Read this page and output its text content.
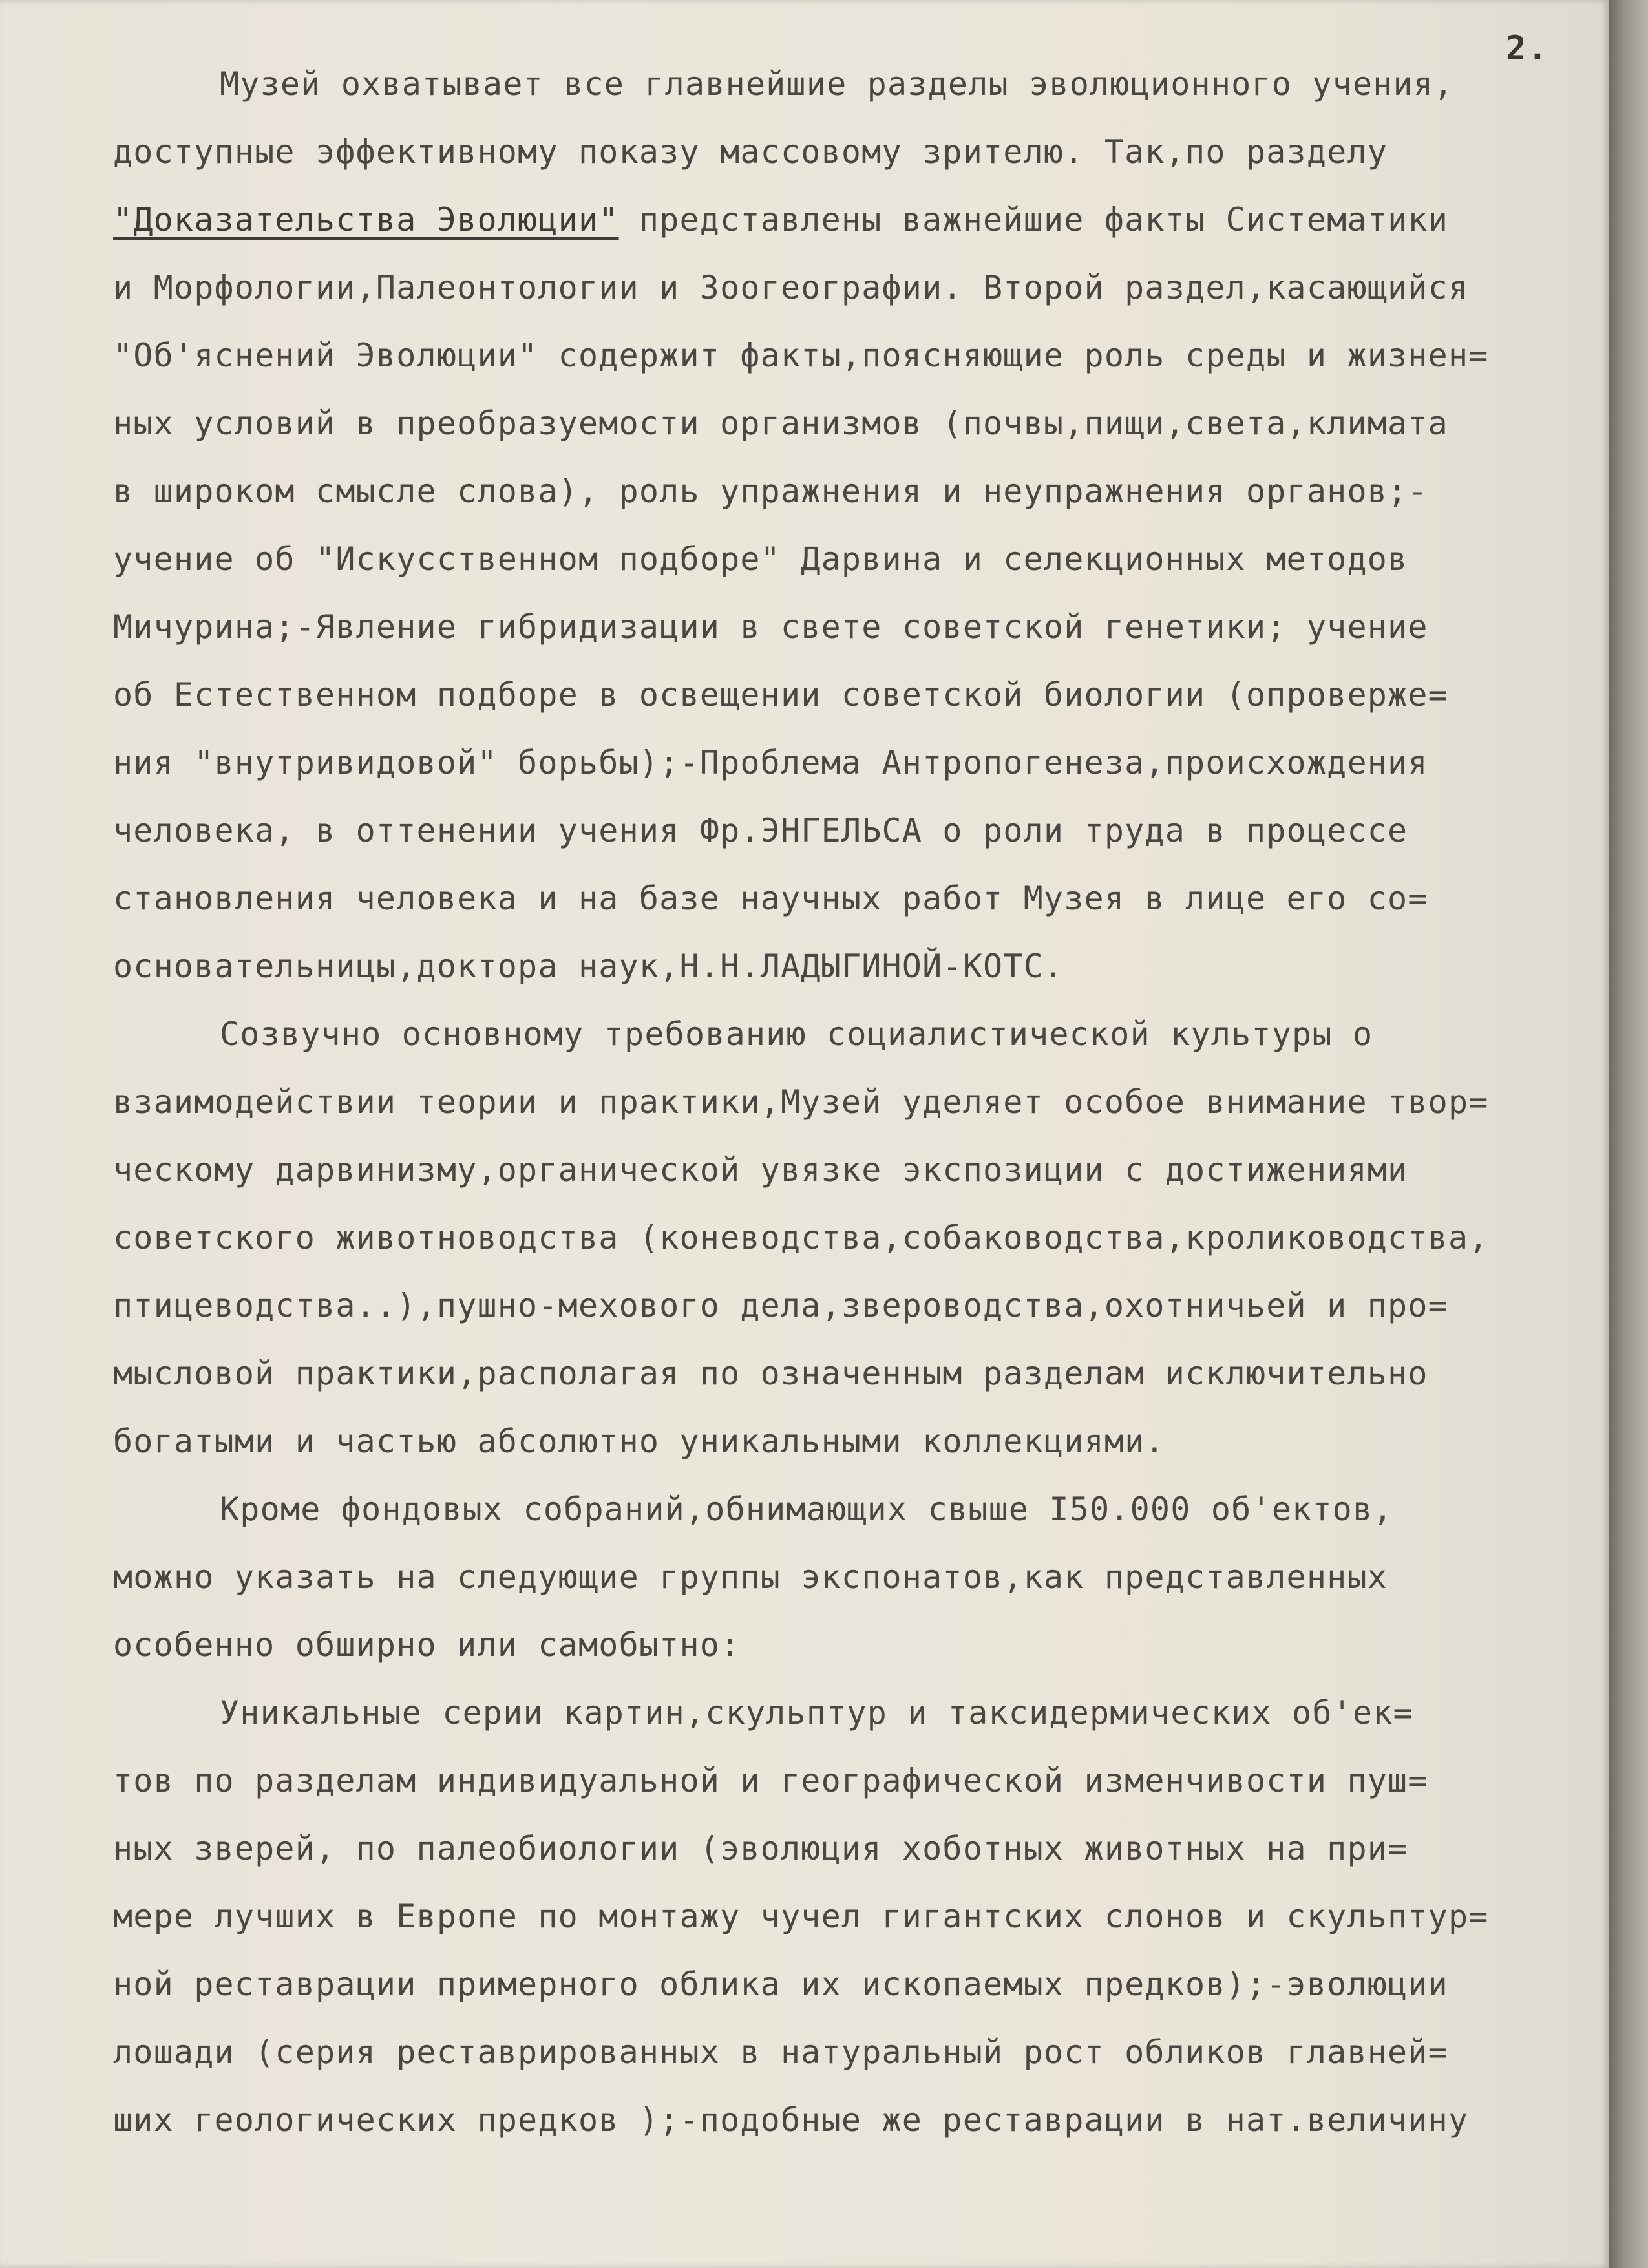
2.
Музей охватывает все главнейшие разделы эволюционного учения,
доступные эффективному показу массовому зрителю. Так,по разделу
"Доказательства Эволюции" представлены важнейшие факты Систематики
и Морфологии,Палеонтологии и Зоогеографии. Второй раздел,касающийся
"Об'яснений Эволюции" содержит факты,поясняющие роль среды и жизнен=
ных условий в преобразуемости организмов (почвы,пищи,света,климата
в широком смысле слова), роль упражнения и неупражнения органов;-
учение об "Искусственном подборе" Дарвина и селекционных методов
Мичурина;-Явление гибридизации в свете советской генетики; учение
об Естественном подборе в освещении советской биологии (опроверже=
ния "внутривидовой" борьбы);-Проблема Антропогенеза,происхождения
человека, в оттенении учения Фр.ЭНГЕЛЬСА о роли труда в процессе
становления человека и на базе научных работ Музея в лице его со=
основательницы,доктора наук,Н.Н.ЛАДЫГИНОЙ-КОТС.
Созвучно основному требованию социалистической культуры о
взаимодействии теории и практики,Музей уделяет особое внимание твор=
ческому дарвинизму,органической увязке экспозиции с достижениями
советского животноводства (коневодства,собаководства,кролиководства,
птицеводства..),пушно-мехового дела,звероводства,охотничьей и про=
мысловой практики,располагая по означенным разделам исключительно
богатыми и частью абсолютно уникальными коллекциями.
Кроме фондовых собраний,обнимающих свыше I50.000 об'ектов,
можно указать на следующие группы экспонатов,как представленных
особенно обширно или самобытно:
Уникальные серии картин,скульптур и таксидермических об'ек=
тов по разделам индивидуальной и географической изменчивости пуш=
ных зверей, по палеобиологии (эволюция хоботных животных на при=
мере лучших в Европе по монтажу чучел гигантских слонов и скульптур=
ной реставрации примерного облика их ископаемых предков);-эволюции
лошади (серия реставрированных в натуральный рост обликов главней=
ших геологических предков );-подобные же реставрации в нат.величину
